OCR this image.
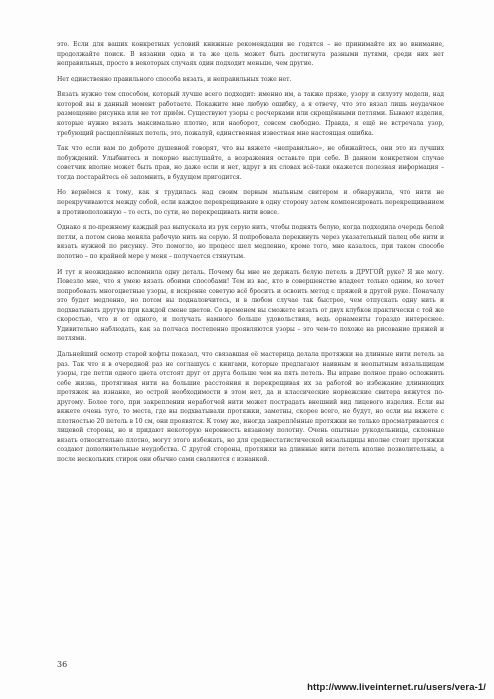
это. Если для ваших конкретных условий книжные рекомендации не годятся – не принимайте их во внимание, продолжайте поиск. В вязании одна и та же цель может быть достигнута разными путями, среди них нет неправильных, просто в некоторых случаях один подходит меньше, чем другие.

Нет единственно правильного способа вязать, и неправильных тоже нет.

Вязать нужно тем способом, который лучше всего подходит: именно им, а также пряже, узору и силуэту модели, над которой вы в данный момент работаете. Покажите мне любую ошибку, а я отвечу, что это вязал лишь неудачное размещение рисунка или не тот приём. Существуют узоры с росчерками или скрещёнными петлями. Бывают изделия, которые нужно вязать максимально плотно, или наоборот, совсем свободно. Правда, я ещё не встречала узор, требующий расщеплённых петель, это, пожалуй, единственная известная мне настоящая ошибка.

Так что если вам по доброте душевной говорят, что вы вяжете «неправильно», не обижайтесь, они это из лучших побуждений. Улыбнитесь и покорно выслушайте, а возражения оставьте при себе. В данном конкретном случае советчик вполне может быть прав, но даже если и нет, вдруг в их словах всё-таки окажется полезная информация – тогда постарайтесь её запомнить, в будущем пригодится.

Но вернёмся к тому, как я трудилась над своим первым мыльным свитером и обнаружила, что нити не перекручиваются между собой, если каждое перекрещивание в одну сторону затем компенсировать перекрещиванием в противоположную – то есть, по сути, не перекрещивать нити вовсе.

Однако я по-прежнему каждый раз выпускала из рук серую нить, чтобы поднять белую, когда подходила очередь белой петли, а потом снова меняла рабочую нить на серую. Я попробовала перекинуть через указательный палец обе нити и вязать нужной по рисунку. Это помогло, но процесс шел медленно, кроме того, мне казалось, при таком способе полотно – по крайней мере у меня – получается стянутым.

И тут я неожиданно вспомнила одну деталь. Почему бы мне не держать белую петель в ДРУГОЙ руке? Я же могу. Повезло мне, что я умею вязать обоими способами! Тем из вас, кто в совершенстве владеет только одним, но хочет попробовать многоцветные узоры, я искренне советую всё бросить и освоить метод с пряжей в другой руке. Поначалу это будет медленно, но потом вы подналовчитесь, и в любом случае так быстрее, чем отпускать одну нить и подхватывать другую при каждой смене цветов. Со временем вы сможете вязать от двух клубков практически с той же скоростью, что и от одного, и получать намного больше удовольствия, ведь орнаменты гораздо интереснее. Удивительно наблюдать, как за полчаса постепенно проявляются узоры – это чем-то похоже на рисование пряжей и петлями.

Дальнейший осмотр старой кофты показал, что связавшая её мастерица делала протяжки на длинные нити петель за раз. Так что я в очередной раз не соглашусь с книгами, которые предлагают наивным и неопытным вязальщицам узоры, где петли одного цвета отстоят друг от друга больше чем на пять петель. Вы вправе полное право осложнить себе жизнь, протягивая нити на большие расстояния и перекрещивая их за работой во избежание длиннющих протяжек на изнанке, но острой необходимости в этом нет, да и классические норвежские свитера вяжутся по-другому. Более того, при закреплении неработчей нити может пострадать внешний вид лицевого изделия. Если вы вяжете очень туго, то места, где вы подхватывали протяжки, заметны, скорее всего, не будут, но если вы вяжете с плотностью 20 петель в 10 см, они проявятся. К тому же, иногда закреплённые протяжки не только просматриваются с лицевой стороны, но и придают некоторую неровность вязаному полотну. Очень опытные рукодельницы, склонные вязать относительно плотно, могут этого избежать, но для среднестатистической вязальщицы вполне стоит протяжки создают дополнительные неудобства. С другой стороны, протяжки на длинные нити петель вполне позволительны, а после нескольких стирок они обычно сами сваляются с изнанкой.

36
http://www.liveinternet.ru/users/vera-1/
